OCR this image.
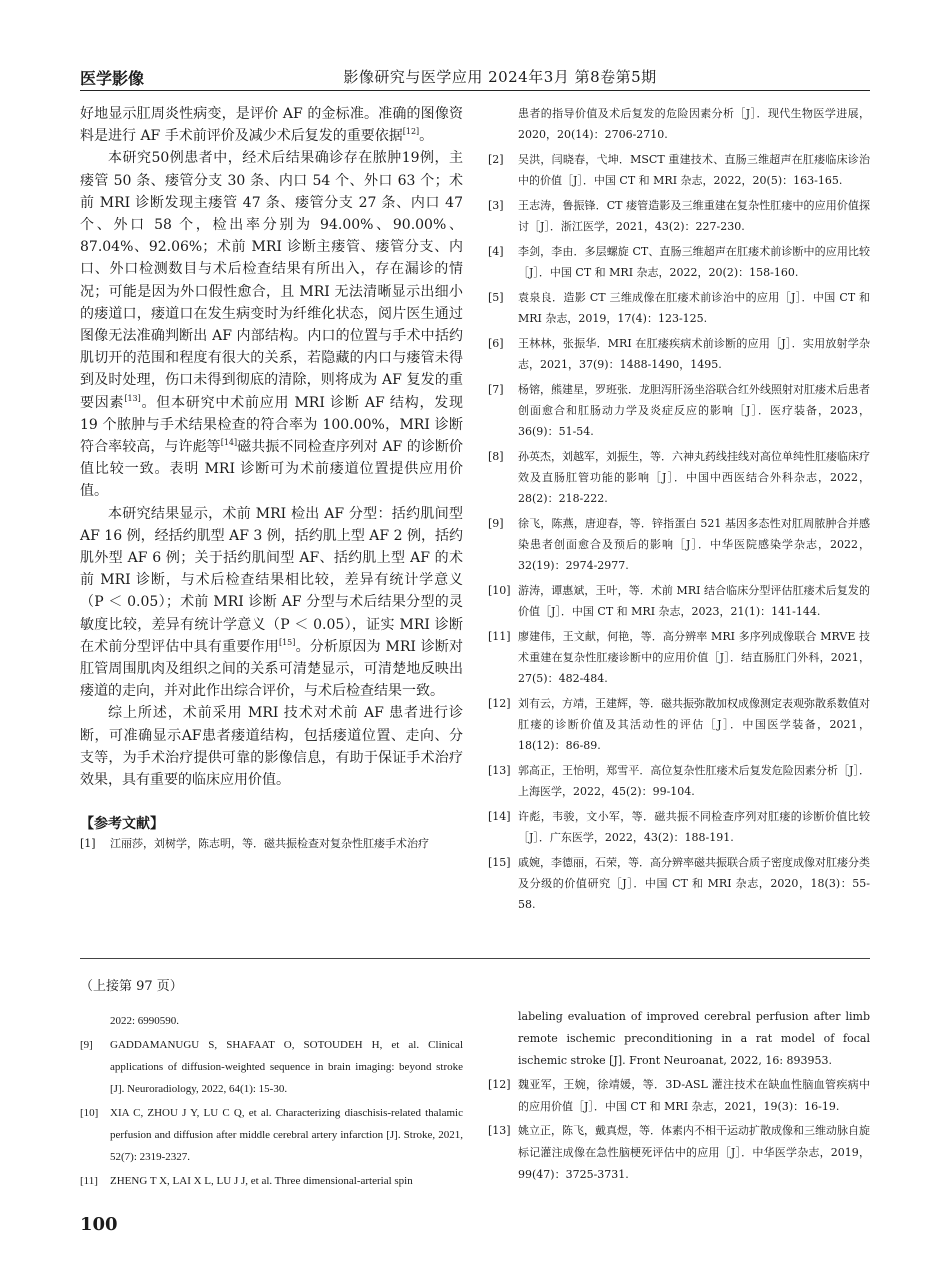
医学影像	影像研究与医学应用 2024年3月 第8卷第5期

好地显示肛周炎性病变，是评价 AF 的金标准。准确的图像资料是进行 AF 手术前评价及减少术后复发的重要依据[12]。

本研究50例患者中，经术后结果确诊存在脓肿19例，主瘘管 50 条、瘘管分支 30 条、内口 54 个、外口 63 个；术前 MRI 诊断发现主瘘管 47 条、瘘管分支 27 条、内口 47 个、外口 58 个，检出率分别为 94.00%、90.00%、87.04%、92.06%；术前 MRI 诊断主瘘管、瘘管分支、内口、外口检测数目与术后检查结果有所出入，存在漏诊的情况；可能是因为外口假性愈合，且 MRI 无法清晰显示出细小的瘘道口，瘘道口在发生病变时为纤维化状态，阅片医生通过图像无法准确判断出 AF 内部结构。内口的位置与手术中括约肌切开的范围和程度有很大的关系，若隐藏的内口与瘘管未得到及时处理，伤口未得到彻底的清除，则将成为 AF 复发的重要因素[13]。但本研究中术前应用 MRI 诊断 AF 结构，发现 19 个脓肿与手术结果检查的符合率为 100.00%，MRI 诊断符合率较高，与许彪等[14]磁共振不同检查序列对 AF 的诊断价值比较一致。表明 MRI 诊断可为术前瘘道位置提供应用价值。

本研究结果显示，术前 MRI 检出 AF 分型：括约肌间型 AF 16 例，经括约肌型 AF 3 例，括约肌上型 AF 2 例，括约肌外型 AF 6 例；关于括约肌间型 AF、括约肌上型 AF 的术前 MRI 诊断，与术后检查结果相比较，差异有统计学意义（P ＜ 0.05）；术前 MRI 诊断 AF 分型与术后结果分型的灵敏度比较，差异有统计学意义（P ＜ 0.05），证实 MRI 诊断在术前分型评估中具有重要作用[15]。分析原因为 MRI 诊断对肛管周围肌肉及组织之间的关系可清楚显示，可清楚地反映出瘘道的走向，并对此作出综合评价，与术后检查结果一致。

综上所述，术前采用 MRI 技术对术前 AF 患者进行诊断，可准确显示AF患者瘘道结构，包括瘘道位置、走向、分支等，为手术治疗提供可靠的影像信息，有助于保证手术治疗效果，具有重要的临床应用价值。

【参考文献】
[1] 江丽莎，刘树学，陈志明，等．磁共振检查对复杂性肛瘘手术治疗
患者的指导价值及术后复发的危险因素分析［J］．现代生物医学进展，2020，20(14)：2706-2710.
[2] 吴洪，闫晓春，弋坤．MSCT 重建技术、直肠三维超声在肛瘘临床诊治中的价值［J］．中国 CT 和 MRI 杂志，2022，20(5)：163-165.
[3] 王志涛，鲁振锋．CT 瘘管造影及三维重建在复杂性肛瘘中的应用价值探讨［J］．浙江医学，2021，43(2)：227-230.
[4] 李剑，李由．多层螺旋 CT、直肠三维超声在肛瘘术前诊断中的应用比较［J］．中国 CT 和 MRI 杂志，2022，20(2)：158-160.
[5] 袁泉良．造影 CT 三维成像在肛瘘术前诊治中的应用［J］．中国 CT 和 MRI 杂志，2019，17(4)：123-125.
[6] 王林林，张振华．MRI 在肛瘘疾病术前诊断的应用［J］．实用放射学杂志，2021，37(9)：1488-1490，1495.
[7] 杨镕，熊建星，罗班张．龙胆泻肝汤坐浴联合红外线照射对肛瘘术后患者创面愈合和肛肠动力学及炎症反应的影响［J］．医疗装备，2023，36(9)：51-54.
[8] 孙英杰，刘越军，刘振生，等．六神丸药线挂线对高位单纯性肛瘘临床疗效及直肠肛管功能的影响［J］．中国中西医结合外科杂志，2022，28(2)：218-222.
[9] 徐飞，陈燕，唐迎春，等．锌指蛋白 521 基因多态性对肛周脓肿合并感染患者创面愈合及预后的影响［J］．中华医院感染学杂志，2022，32(19)：2974-2977.
[10] 游涛，谭惠斌，王叶，等．术前 MRI 结合临床分型评估肛瘘术后复发的价值［J］．中国 CT 和 MRI 杂志，2023，21(1)：141-144.
[11] 廖建伟，王文献，何艳，等．高分辨率 MRI 多序列成像联合 MRVE 技术重建在复杂性肛瘘诊断中的应用价值［J］．结直肠肛门外科，2021，27(5)：482-484.
[12] 刘有云，方靖，王建辉，等．磁共振弥散加权成像测定表观弥散系数值对肛瘘的诊断价值及其活动性的评估［J］．中国医学装备，2021，18(12)：86-89.
[13] 郭高正，王怡明，郑雪平．高位复杂性肛瘘术后复发危险因素分析［J］．上海医学，2022，45(2)：99-104.
[14] 许彪，韦骏，文小军，等．磁共振不同检查序列对肛瘘的诊断价值比较［J］．广东医学，2022，43(2)：188-191.
[15] 戚婉，李德丽，石荣，等．高分辨率磁共振联合质子密度成像对肛瘘分类及分级的价值研究［J］．中国 CT 和 MRI 杂志，2020，18(3)：55-58.
（上接第 97 页）
2022: 6990590.
[9] GADDAMANUGU S, SHAFAAT O, SOTOUDEH H, et al. Clinical applications of diffusion-weighted sequence in brain imaging: beyond stroke [J]. Neuroradiology, 2022, 64(1): 15-30.
[10] XIA C, ZHOU J Y, LU C Q, et al. Characterizing diaschisis-related thalamic perfusion and diffusion after middle cerebral artery infarction [J]. Stroke, 2021, 52(7): 2319-2327.
[11] ZHENG T X, LAI X L, LU J J, et al. Three dimensional-arterial spin
labeling evaluation of improved cerebral perfusion after limb remote ischemic preconditioning in a rat model of focal ischemic stroke [J]. Front Neuroanat, 2022, 16: 893953.
[12] 魏亚军，王婉，徐靖媛，等．3D-ASL 灌注技术在缺血性脑血管疾病中的应用价值［J］．中国 CT 和 MRI 杂志，2021，19(3)：16-19.
[13] 姚立正，陈飞，戴真煜，等．体素内不相干运动扩散成像和三维动脉自旋标记灌注成像在急性脑梗死评估中的应用［J］．中华医学杂志，2019，99(47)：3725-3731.
100
